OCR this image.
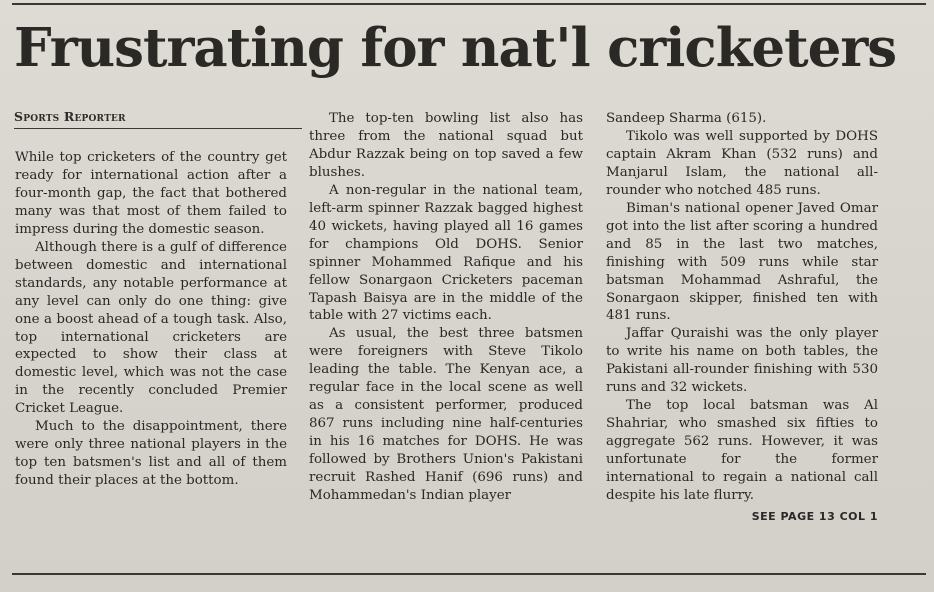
Frustrating for nat'l cricketers
Sports Reporter

While top cricketers of the country get ready for international action after a four-month gap, the fact that bothered many was that most of them failed to impress during the domestic season.

Although there is a gulf of difference between domestic and international standards, any notable performance at any level can only do one thing: give one a boost ahead of a tough task. Also, top international cricketers are expected to show their class at domestic level, which was not the case in the recently concluded Premier Cricket League.

Much to the disappointment, there were only three national players in the top ten batsmen's list and all of them found their places at the bottom.

The top-ten bowling list also has three from the national squad but Abdur Razzak being on top saved a few blushes.

A non-regular in the national team, left-arm spinner Razzak bagged highest 40 wickets, having played all 16 games for champions Old DOHS. Senior spinner Mohammed Rafique and his fellow Sonargaon Cricketers paceman Tapash Baisya are in the middle of the table with 27 victims each.

As usual, the best three batsmen were foreigners with Steve Tikolo leading the table. The Kenyan ace, a regular face in the local scene as well as a consistent performer, produced 867 runs including nine half-centuries in his 16 matches for DOHS. He was followed by Brothers Union's Pakistani recruit Rashed Hanif (696 runs) and Mohammedan's Indian player

Sandeep Sharma (615).

Tikolo was well supported by DOHS captain Akram Khan (532 runs) and Manjarul Islam, the national all-rounder who notched 485 runs.

Biman's national opener Javed Omar got into the list after scoring a hundred and 85 in the last two matches, finishing with 509 runs while star batsman Mohammad Ashraful, the Sonargaon skipper, finished ten with 481 runs.

Jaffar Quraishi was the only player to write his name on both tables, the Pakistani all-rounder finishing with 530 runs and 32 wickets.

The top local batsman was Al Shahriar, who smashed six fifties to aggregate 562 runs. However, it was unfortunate for the former international to regain a national call despite his late flurry.

SEE PAGE 13 COL 1
